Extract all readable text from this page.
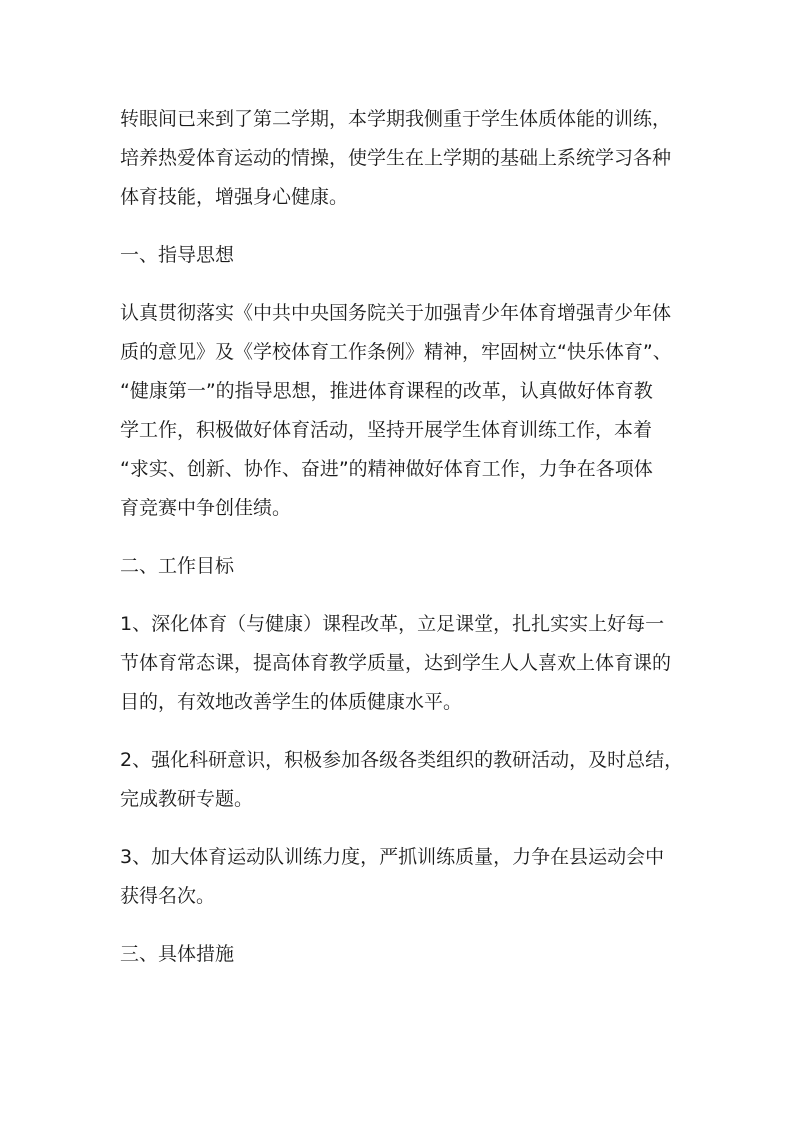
转眼间已来到了第二学期，本学期我侧重于学生体质体能的训练，
培养热爱体育运动的情操，使学生在上学期的基础上系统学习各种
体育技能，增强身心健康。
一、指导思想
认真贯彻落实《中共中央国务院关于加强青少年体育增强青少年体
质的意见》及《学校体育工作条例》精神，牢固树立“快乐体育”、
“健康第一”的指导思想，推进体育课程的改革，认真做好体育教
学工作，积极做好体育活动，坚持开展学生体育训练工作，本着
“求实、创新、协作、奋进”的精神做好体育工作，力争在各项体
育竞赛中争创佳绩。
二、工作目标
1、深化体育（与健康）课程改革，立足课堂，扎扎实实上好每一
节体育常态课，提高体育教学质量，达到学生人人喜欢上体育课的
目的，有效地改善学生的体质健康水平。
2、强化科研意识，积极参加各级各类组织的教研活动，及时总结，
完成教研专题。
3、加大体育运动队训练力度，严抓训练质量，力争在县运动会中
获得名次。
三、具体措施
